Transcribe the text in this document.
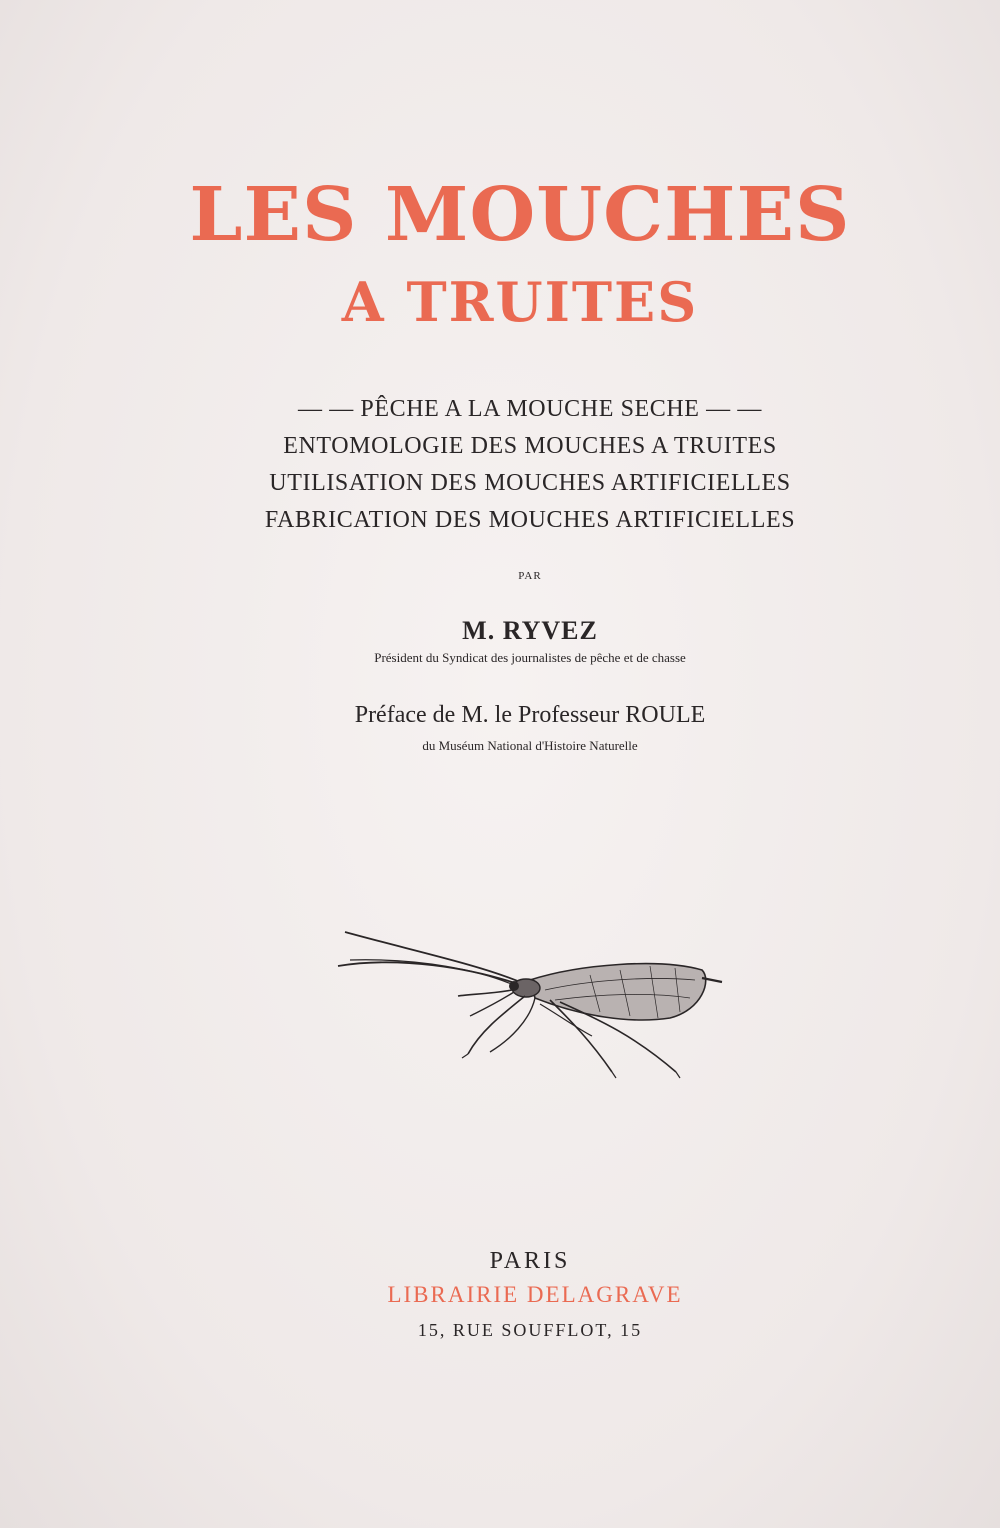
LES MOUCHES
A TRUITES
— — PÊCHE A LA MOUCHE SECHE — —
ENTOMOLOGIE DES MOUCHES A TRUITES
UTILISATION DES MOUCHES ARTIFICIELLES
FABRICATION DES MOUCHES ARTIFICIELLES
PAR
M. RYVEZ
Président du Syndicat des journalistes de pêche et de chasse
Préface de M. le Professeur ROULE
du Muséum National d'Histoire Naturelle
PARIS
LIBRAIRIE DELAGRAVE
15, RUE SOUFFLOT, 15
